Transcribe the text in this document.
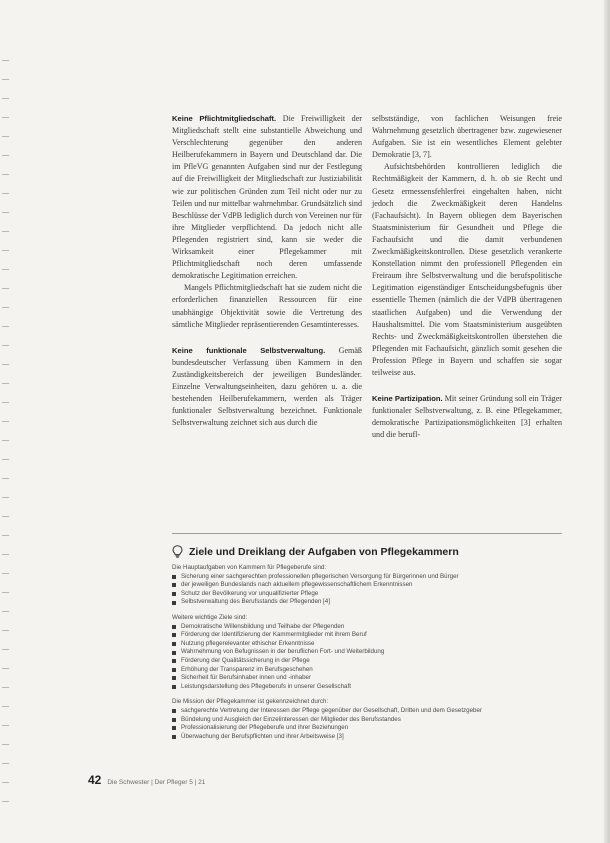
Keine Pflichtmitgliedschaft. Die Freiwilligkeit der Mitgliedschaft stellt eine substantielle Abweichung und Verschlechterung gegenüber den anderen Heilberufekammern in Bayern und Deutschland dar. Die im PfleVG genannten Aufgaben sind nur der Festlegung auf die Freiwilligkeit der Mitgliedschaft zur Justiziabilität wie zur politischen Gründen zum Teil nicht oder nur zu Teilen und nur mittelbar wahrnehmbar. Grundsätzlich sind Beschlüsse der VdPB lediglich durch von Vereinen nur für ihre Mitglieder verpflichtend. Da jedoch nicht alle Pflegenden registriert sind, kann sie weder die Wirksamkeit einer Pflegekammer mit Pflichtmitgliedschaft noch deren umfassende demokratische Legitimation erreichen.

Mangels Pflichtmitgliedschaft hat sie zudem nicht die erforderlichen finanziellen Ressourcen für eine unabhängige Objektivität sowie die Vertretung des sämtliche Mitglieder repräsentierenden Gesamtinteresses.

Keine funktionale Selbstverwaltung. Gemäß bundesdeutscher Verfassung üben Kammern in den Zuständigkeitsbereich der jeweiligen Bundesländer. Einzelne Verwaltungseinheiten, dazu gehören u. a. die bestehenden Heilberufekammern, werden als Träger funktionaler Selbstverwaltung bezeichnet. Funktionale Selbstverwaltung zeichnet sich aus durch die

selbstständige, von fachlichen Weisungen freie Wahrnehmung gesetzlich übertragener bzw. zugewiesener Aufgaben. Sie ist ein wesentliches Element gelebter Demokratie [3, 7].

Aufsichtsbehörden kontrollieren lediglich die Rechtmäßigkeit der Kammern, d. h. ob sie Recht und Gesetz ermessensfehlerfrei eingehalten haben, nicht jedoch die Zweckmäßigkeit deren Handelns (Fachaufsicht). In Bayern obliegen dem Bayerischen Staatsministerium für Gesundheit und Pflege die Fachaufsicht und die damit verbundenen Zweckmäßigkeitskontrollen. Diese gesetzlich verankerte Konstellation nimmt den professionell Pflegenden ein Freiraum ihre Selbstverwaltung und die berufspolitische Legitimation eigenständiger Entscheidungsbefugnis über essentielle Themen (nämlich die der VdPB übertragenen staatlichen Aufgaben) und die Verwendung der Haushaltsmittel. Die vom Staatsministerium ausgeübten Rechts- und Zweckmäßigkeitskontrollen überstehen die Pflegenden mit Fachaufsicht, gänzlich somit gesehen die Profession Pflege in Bayern und schaffen sie sogar teilweise aus.

Keine Partizipation. Mit seiner Gründung soll ein Träger funktionaler Selbstverwaltung, z. B. eine Pflegekammer, demokratische Partizipationsmöglichkeiten [3] erhalten und die berufl-

Ziele und Dreiklang der Aufgaben von Pflegekammern

Die Hauptaufgaben von Kammern für Pflegeberufe sind:

Sicherung einer sachgerechten professionellen pflegerischen Versorgung für Bürgerinnen und Bürger
der jeweiligen Bundeslands nach aktuellem pflegewissenschaftlichem Erkenntnissen
Schutz der Bevölkerung vor unqualifizierter Pflege
Selbstverwaltung des Berufsstands der Pflegenden [4]

Weitere wichtige Ziele sind:

Demokratische Willensbildung und Teilhabe der Pflegenden
Förderung der Identifizierung der Kammermitglieder mit ihrem Beruf
Nutzung pflegerelevanter ethischer Erkenntnisse
Wahrnehmung von Befugnissen in der beruflichen Fort- und Weiterbildung
Förderung der Qualitätssicherung in der Pflege
Erhöhung der Transparenz im Berufsgeschehen
Sicherheit für Berufsinhaber innen und -inhaber
Leistungsdarstellung des Pflegeberufs in unserer Gesellschaft

Die Mission der Pflegekammer ist gekennzeichnet durch:

sachgerechte Vertretung der Interessen der Pflege gegenüber der Gesellschaft, Dritten und dem Gesetzgeber
Bündelung und Ausgleich der Einzelinteressen der Mitglieder des Berufsstandes
Professionalisierung der Pflegeberufe und ihrer Beziehungen
Überwachung der Berufspflichten und ihrer Arbeitsweise [3]
42 Die Schwester | Der Pfleger 5 | 21
